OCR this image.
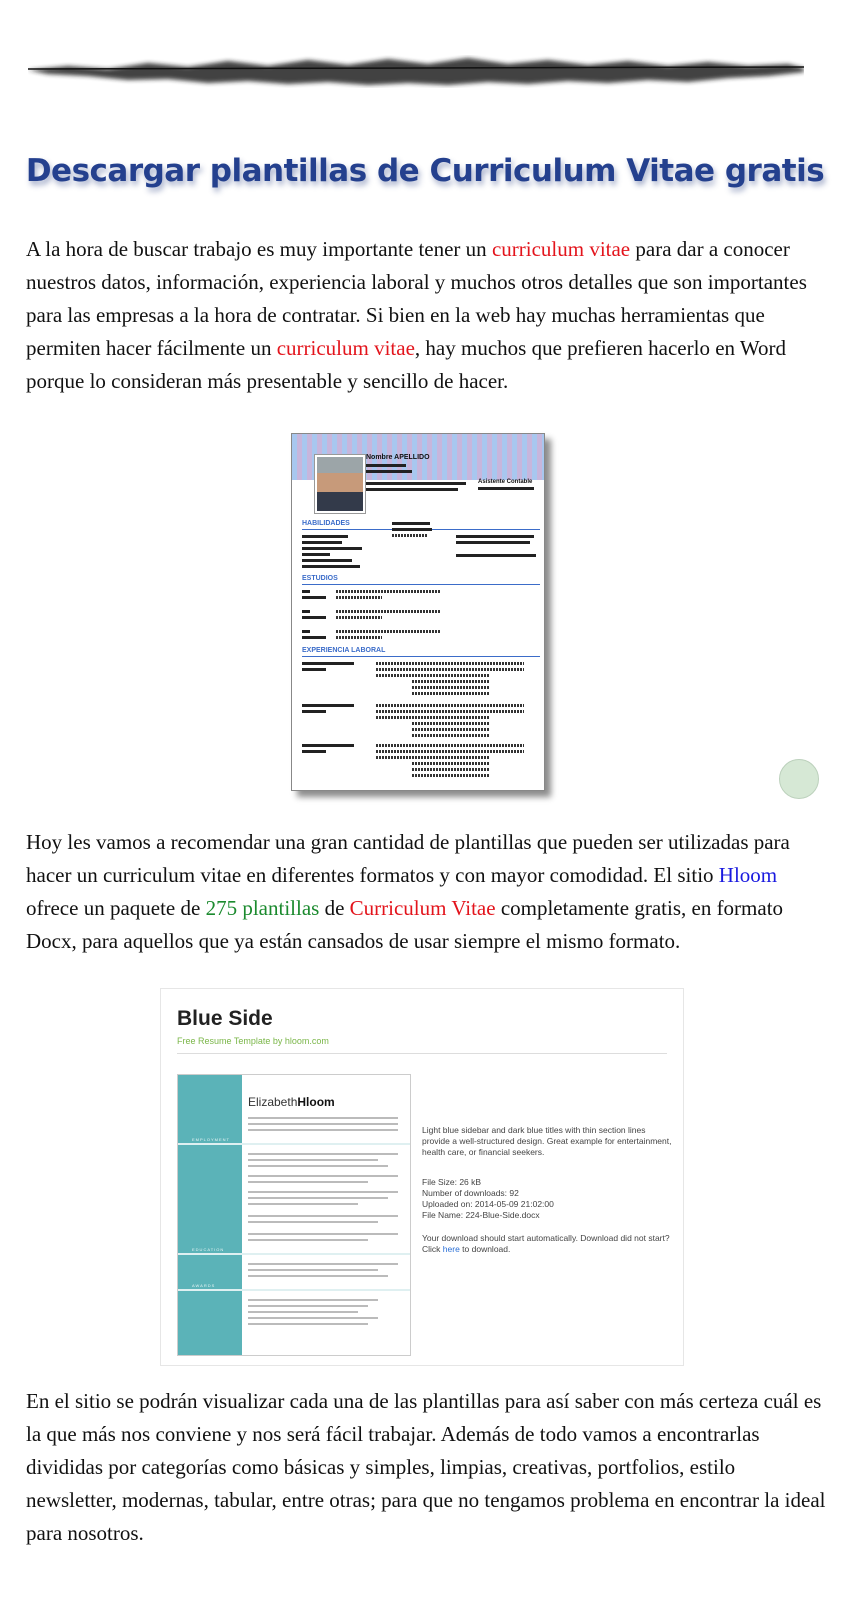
Descargar plantillas de Curriculum Vitae gratis

A la hora de buscar trabajo es muy importante tener un curriculum vitae para dar a conocer nuestros datos, información, experiencia laboral y muchos otros detalles que son importantes para las empresas a la hora de contratar. Si bien en la web hay muchas herramientas que permiten hacer fácilmente un curriculum vitae, hay muchos que prefieren hacerlo en Word porque lo consideran más presentable y sencillo de hacer.

Nombre APELLIDO
Asistente Contable
HABILIDADES
ESTUDIOS
EXPERIENCIA LABORAL

Hoy les vamos a recomendar una gran cantidad de plantillas que pueden ser utilizadas para hacer un curriculum vitae en diferentes formatos y con mayor comodidad. El sitio Hloom ofrece un paquete de 275 plantillas de Curriculum Vitae completamente gratis, en formato Docx, para aquellos que ya están cansados de usar siempre el mismo formato.

Blue Side
Free Resume Template by hloom.com
ElizabethHloom
EMPLOYMENT
EDUCATION
AWARDS
Light blue sidebar and dark blue titles with thin section lines provide a well-structured design. Great example for entertainment, health care, or financial seekers.
File Size: 26 kB
Number of downloads: 92
Uploaded on: 2014-05-09 21:02:00
File Name: 224-Blue-Side.docx
Your download should start automatically. Download did not start? Click here to download.

En el sitio se podrán visualizar cada una de las plantillas para así saber con más certeza cuál es la que más nos conviene y nos será fácil trabajar. Además de todo vamos a encontrarlas divididas por categorías como básicas y simples, limpias, creativas, portfolios, estilo newsletter, modernas, tabular, entre otras; para que no tengamos problema en encontrar la ideal para nosotros.
